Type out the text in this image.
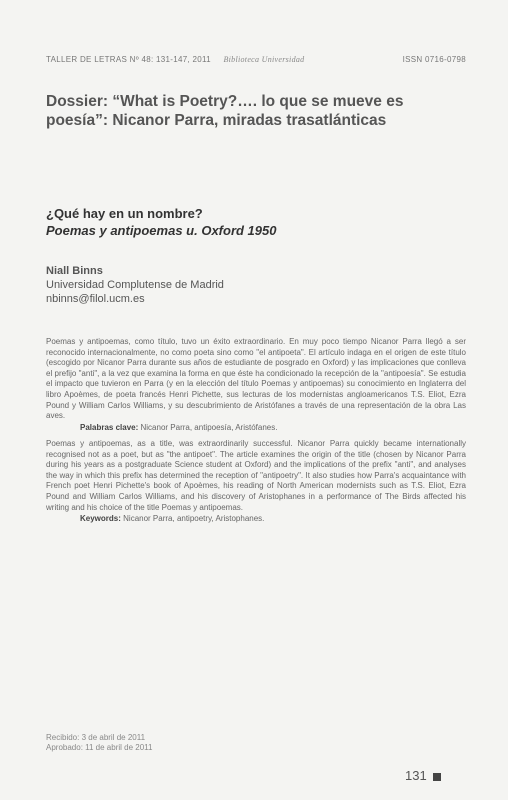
TALLER DE LETRAS Nº 48: 131-147, 2011 Biblioteca Universidad	ISSN 0716-0798
Dossier: “What is Poetry?…. lo que se mueve es poesía”: Nicanor Parra, miradas trasatlánticas
¿Qué hay en un nombre?
Poemas y antipoemas u. Oxford 1950
Niall Binns
Universidad Complutense de Madrid
nbinns@filol.ucm.es
Poemas y antipoemas, como título, tuvo un éxito extraordinario. En muy poco tiempo Nicanor Parra llegó a ser reconocido internacionalmente, no como poeta sino como "el antipoeta". El artículo indaga en el origen de este título (escogido por Nicanor Parra durante sus años de estudiante de posgrado en Oxford) y las implicaciones que conlleva el prefijo "anti", a la vez que examina la forma en que éste ha condicionado la recepción de la "antipoesía". Se estudia el impacto que tuvieron en Parra (y en la elección del título Poemas y antipoemas) su conocimiento en Inglaterra del libro Apoèmes, de poeta francés Henri Pichette, sus lecturas de los modernistas angloamericanos T.S. Eliot, Ezra Pound y William Carlos Williams, y su descubrimiento de Aristófanes a través de una representación de la obra Las aves.
Palabras clave: Nicanor Parra, antipoesía, Aristófanes.
Poemas y antipoemas, as a title, was extraordinarily successful. Nicanor Parra quickly became internationally recognised not as a poet, but as "the antipoet". The article examines the origin of the title (chosen by Nicanor Parra during his years as a postgraduate Science student at Oxford) and the implications of the prefix "anti", and analyses the way in which this prefix has determined the reception of "antipoetry". It also studies how Parra's acquaintance with French poet Henri Pichette's book of Apoèmes, his reading of North American modernists such as T.S. Eliot, Ezra Pound and William Carlos Williams, and his discovery of Aristophanes in a performance of The Birds affected his writing and his choice of the title Poemas y antipoemas.
Keywords: Nicanor Parra, antipoetry, Aristophanes.
Recibido: 3 de abril de 2011
Aprobado: 11 de abril de 2011
131
